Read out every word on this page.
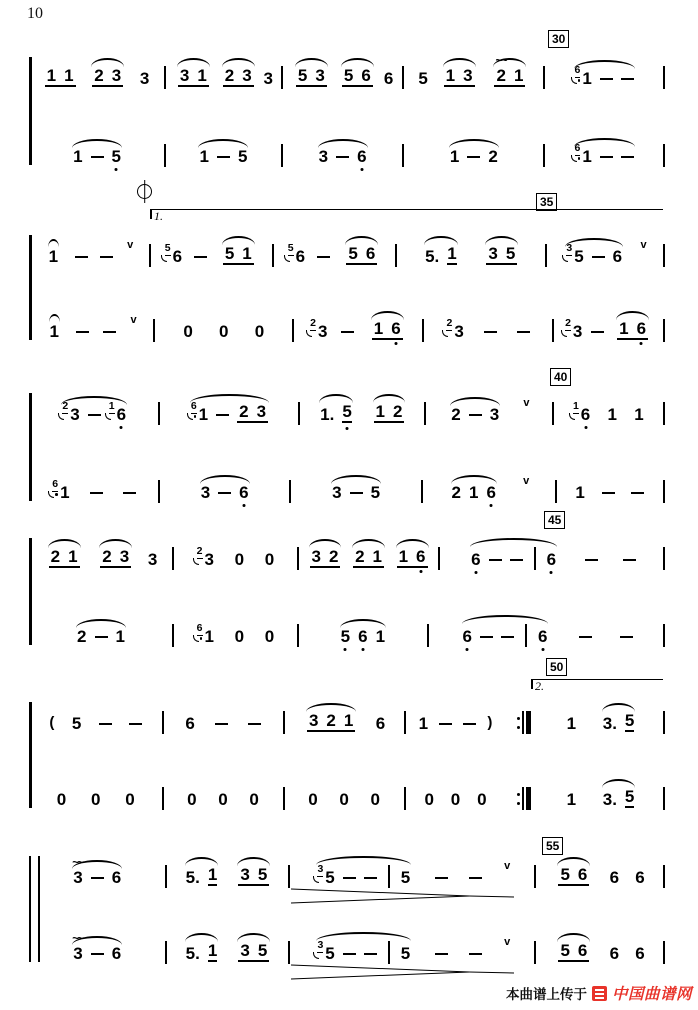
10
1 1 2 3 3 3 1 2 3 3 5 3 5 6 6 5 1 3 2
~~
1	6 1
1 5	1 5	3 6	1 2	6 1
1
v	5 6	5 1	5 6	5 6	5. 1 3 5	3 5 6
v
1
v
0 0 0	2 3	1 6	2 3	2 3 1 6
2 3	1 6	6 1 2 3	1. 5 1 2	2 3
v	1 6 1 1
6 1	3 6	3 5	2 1 6
v
1
2 1 2 3 3	2 3 0 0 3 2 2 1 1 6	6	6
2 1	6 1 0 0	5 6 1	6	6
( 5	6	3 2 1 6 1	)	1 3. 5
0 0 0	0 0 0	0 0 0	0 0 0	1 3. 5
3
~~
6	5. 1 3 5	3 5	5
v	5 6 6 6
3
~~
6	5. 1 3 5	3 5	5
v	5 6 6 6
30
35
40
45
50
55
1.
2.
本曲谱上传于 中国曲谱网
